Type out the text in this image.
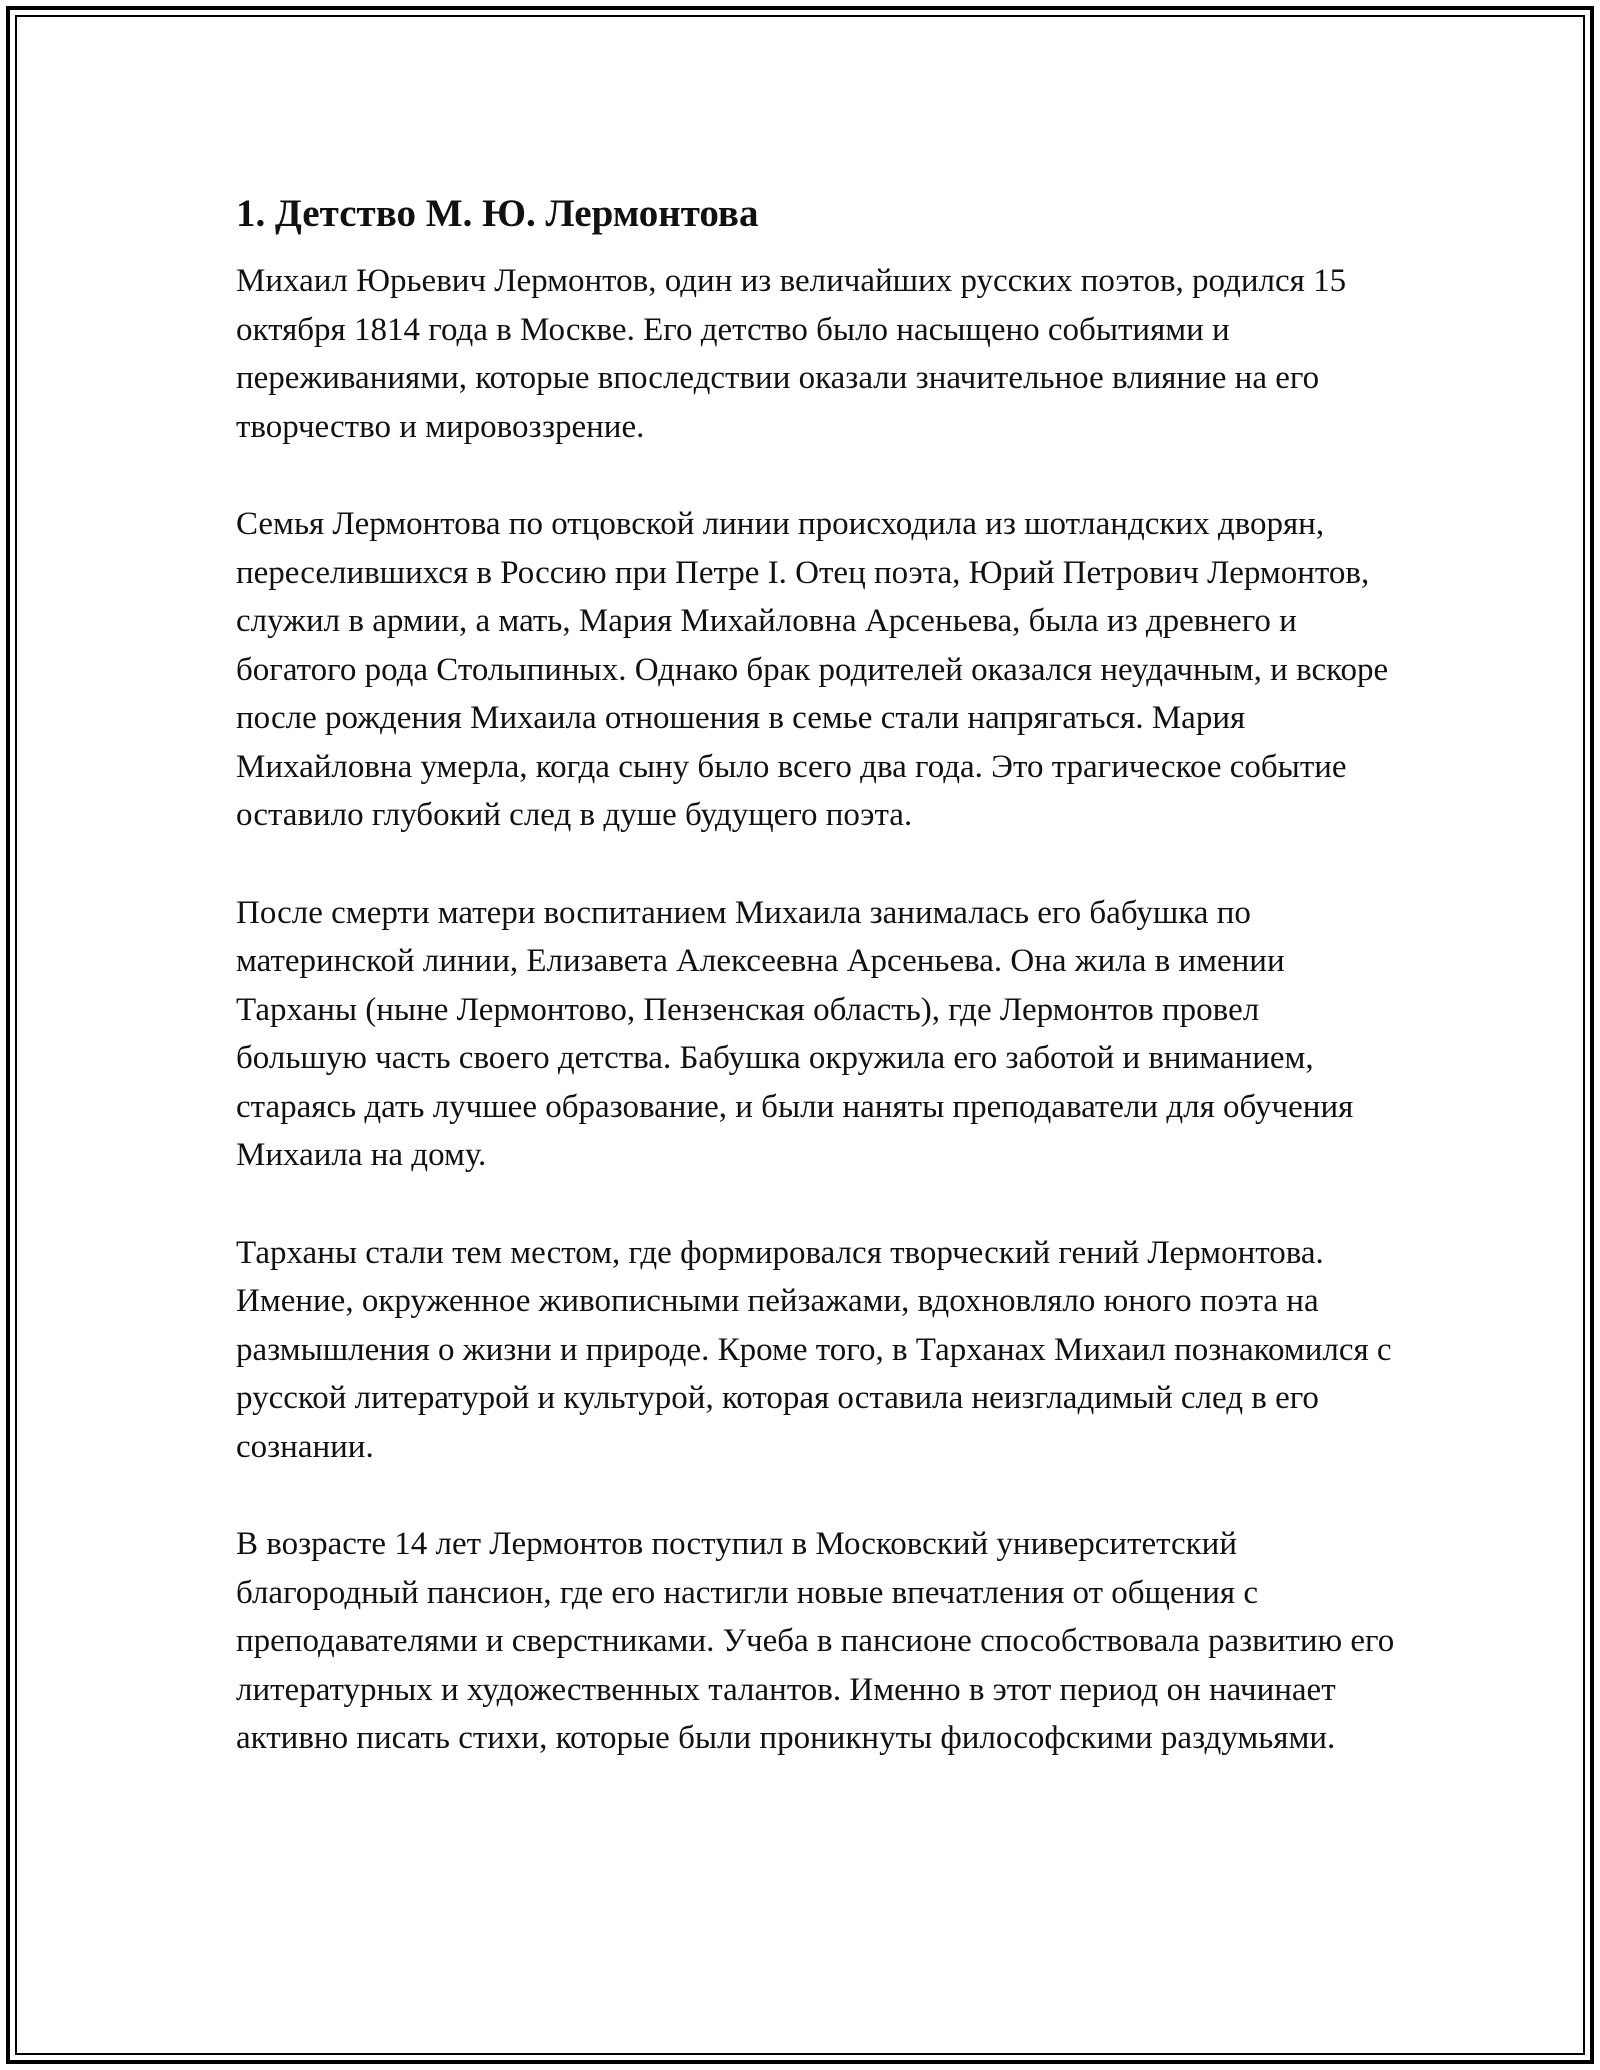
1. Детство М. Ю. Лермонтова

Михаил Юрьевич Лермонтов, один из величайших русских поэтов, родился 15 октября 1814 года в Москве. Его детство было насыщено событиями и переживаниями, которые впоследствии оказали значительное влияние на его творчество и мировоззрение.

Семья Лермонтова по отцовской линии происходила из шотландских дворян, переселившихся в Россию при Петре I. Отец поэта, Юрий Петрович Лермонтов, служил в армии, а мать, Мария Михайловна Арсеньева, была из древнего и богатого рода Столыпиных. Однако брак родителей оказался неудачным, и вскоре после рождения Михаила отношения в семье стали напрягаться. Мария Михайловна умерла, когда сыну было всего два года. Это трагическое событие оставило глубокий след в душе будущего поэта.

После смерти матери воспитанием Михаила занималась его бабушка по материнской линии, Елизавета Алексеевна Арсеньева. Она жила в имении Тарханы (ныне Лермонтово, Пензенская область), где Лермонтов провел большую часть своего детства. Бабушка окружила его заботой и вниманием, стараясь дать лучшее образование, и были наняты преподаватели для обучения Михаила на дому.

Тарханы стали тем местом, где формировался творческий гений Лермонтова. Имение, окруженное живописными пейзажами, вдохновляло юного поэта на размышления о жизни и природе. Кроме того, в Тарханах Михаил познакомился с русской литературой и культурой, которая оставила неизгладимый след в его сознании.

В возрасте 14 лет Лермонтов поступил в Московский университетский благородный пансион, где его настигли новые впечатления от общения с преподавателями и сверстниками. Учеба в пансионе способствовала развитию его литературных и художественных талантов. Именно в этот период он начинает активно писать стихи, которые были проникнуты философскими раздумьями.
